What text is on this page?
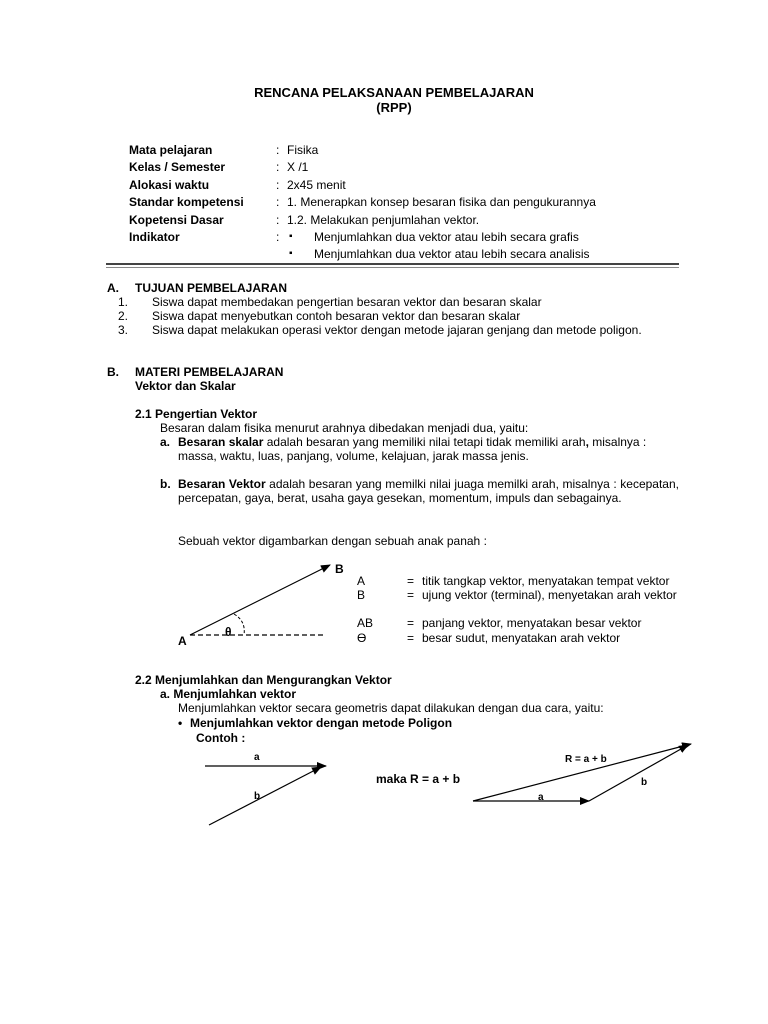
RENCANA PELAKSANAAN PEMBELAJARAN
(RPP)
Mata pelajaran	: Fisika
Kelas / Semester	: X /1
Alokasi waktu	: 2x45 menit
Standar kompetensi	: 1. Menerapkan konsep besaran fisika dan pengukurannya
Kopetensi Dasar	: 1.2. Melakukan penjumlahan vektor.
Indikator	: ▪ Menjumlahkan dua vektor atau lebih secara grafis
▪ Menjumlahkan dua vektor atau lebih secara analisis
A. TUJUAN PEMBELAJARAN
1. Siswa dapat membedakan pengertian besaran vektor dan besaran skalar
2. Siswa dapat menyebutkan contoh besaran vektor dan besaran skalar
3. Siswa dapat melakukan operasi vektor dengan metode jajaran genjang dan metode poligon.
B. MATERI PEMBELAJARAN
Vektor dan Skalar
2.1 Pengertian Vektor
Besaran dalam fisika menurut arahnya dibedakan menjadi dua, yaitu:
a. Besaran skalar adalah besaran yang memiliki nilai tetapi tidak memiliki arah, misalnya :
massa, waktu, luas, panjang, volume, kelajuan, jarak massa jenis.
b. Besaran Vektor adalah besaran yang memilki nilai juaga memilki arah, misalnya : kecepatan, percepatan, gaya, berat, usaha gaya gesekan, momentum, impuls dan sebagainya.
Sebuah vektor digambarkan dengan sebuah anak panah :
A
B
θ
A	= titik tangkap vektor, menyatakan tempat vektor
B	= ujung vektor (terminal), menyetakan arah vektor
AB	= panjang vektor, menyatakan besar vektor
ϴ	= besar sudut, menyatakan arah vektor
2.2 Menjumlahkan dan Mengurangkan Vektor
a. Menjumlahkan vektor
Menjumlahkan vektor secara geometris dapat dilakukan dengan dua cara, yaitu:
• Menjumlahkan vektor dengan metode Poligon
Contoh :
a
b
maka R = a + b
R = a + b
a
b
